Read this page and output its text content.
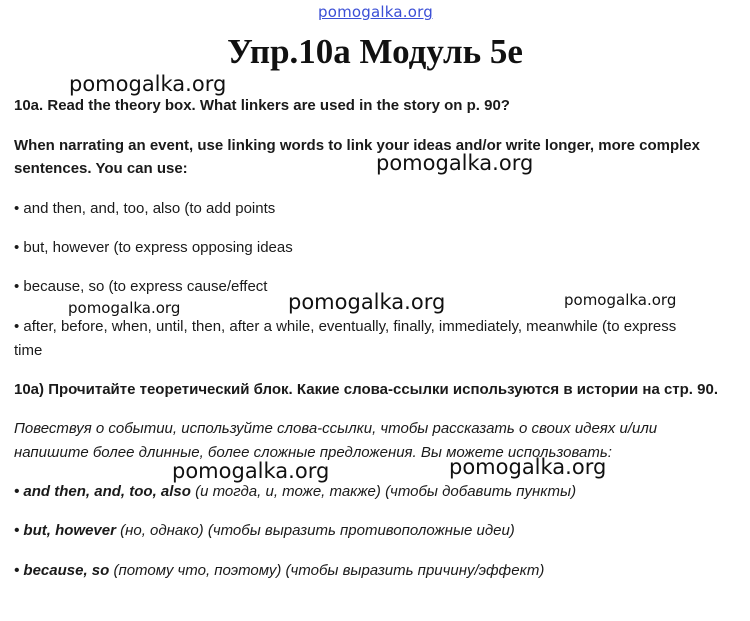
pomogalka.org
Упр.10а Модуль 5е
pomogalka.org
10a. Read the theory box. What linkers are used in the story on p. 90?
When narrating an event, use linking words to link your ideas and/or write longer, more complex
sentences. You can use:	pomogalka.org
• and then, and, too, also (to add points
• but, however (to express opposing ideas
• because, so (to express cause/effect
pomogalka.org	pomogalka.org	pomogalka.org
• after, before, when, until, then, after a while, eventually, finally, immediately, meanwhile (to express
time
10а) Прочитайте теоретический блок. Какие слова-ссылки используются в истории на стр. 90.
Повествуя о событии, используйте слова-ссылки, чтобы рассказать о своих идеях и/или
напишите более длинные, более сложные предложения. Вы можете использовать:
pomogalka.org	pomogalka.org
• and then, and, too, also (и тогда, и, тоже, также) (чтобы добавить пункты)
• but, however (но, однако) (чтобы выразить противоположные идеи)
• because, so (потому что, поэтому) (чтобы выразить причину/эффект)
